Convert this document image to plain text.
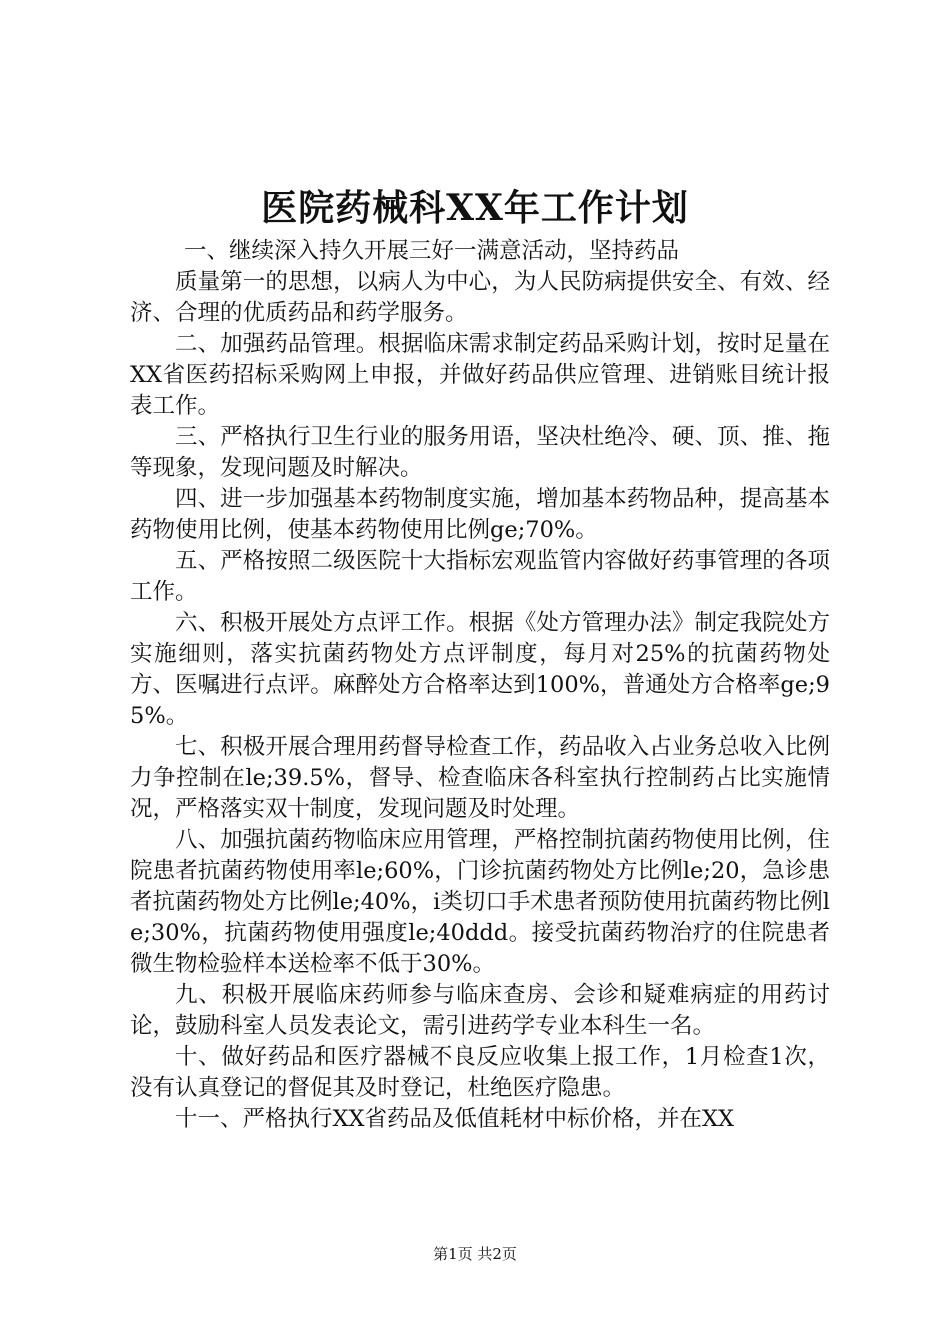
医院药械科XX年工作计划

一、继续深入持久开展三好一满意活动，坚持药品

质量第一的思想，以病人为中心，为人民防病提供安全、有效、经济、合理的优质药品和药学服务。

二、加强药品管理。根据临床需求制定药品采购计划，按时足量在XX省医药招标采购网上申报，并做好药品供应管理、进销账目统计报表工作。

三、严格执行卫生行业的服务用语，坚决杜绝冷、硬、顶、推、拖等现象，发现问题及时解决。

四、进一步加强基本药物制度实施，增加基本药物品种，提高基本药物使用比例，使基本药物使用比例ge;70%。

五、严格按照二级医院十大指标宏观监管内容做好药事管理的各项工作。

六、积极开展处方点评工作。根据《处方管理办法》制定我院处方实施细则，落实抗菌药物处方点评制度，每月对25%的抗菌药物处方、医嘱进行点评。麻醉处方合格率达到100%，普通处方合格率ge;95%。

七、积极开展合理用药督导检查工作，药品收入占业务总收入比例力争控制在le;39.5%，督导、检查临床各科室执行控制药占比实施情况，严格落实双十制度，发现问题及时处理。

八、加强抗菌药物临床应用管理，严格控制抗菌药物使用比例，住院患者抗菌药物使用率le;60%，门诊抗菌药物处方比例le;20，急诊患者抗菌药物处方比例le;40%，ⅰ类切口手术患者预防使用抗菌药物比例le;30%，抗菌药物使用强度le;40ddd。接受抗菌药物治疗的住院患者微生物检验样本送检率不低于30%。

九、积极开展临床药师参与临床查房、会诊和疑难病症的用药讨论，鼓励科室人员发表论文，需引进药学专业本科生一名。

十、做好药品和医疗器械不良反应收集上报工作，1月检查1次，没有认真登记的督促其及时登记，杜绝医疗隐患。

十一、严格执行XX省药品及低值耗材中标价格，并在XX

第1页 共2页
